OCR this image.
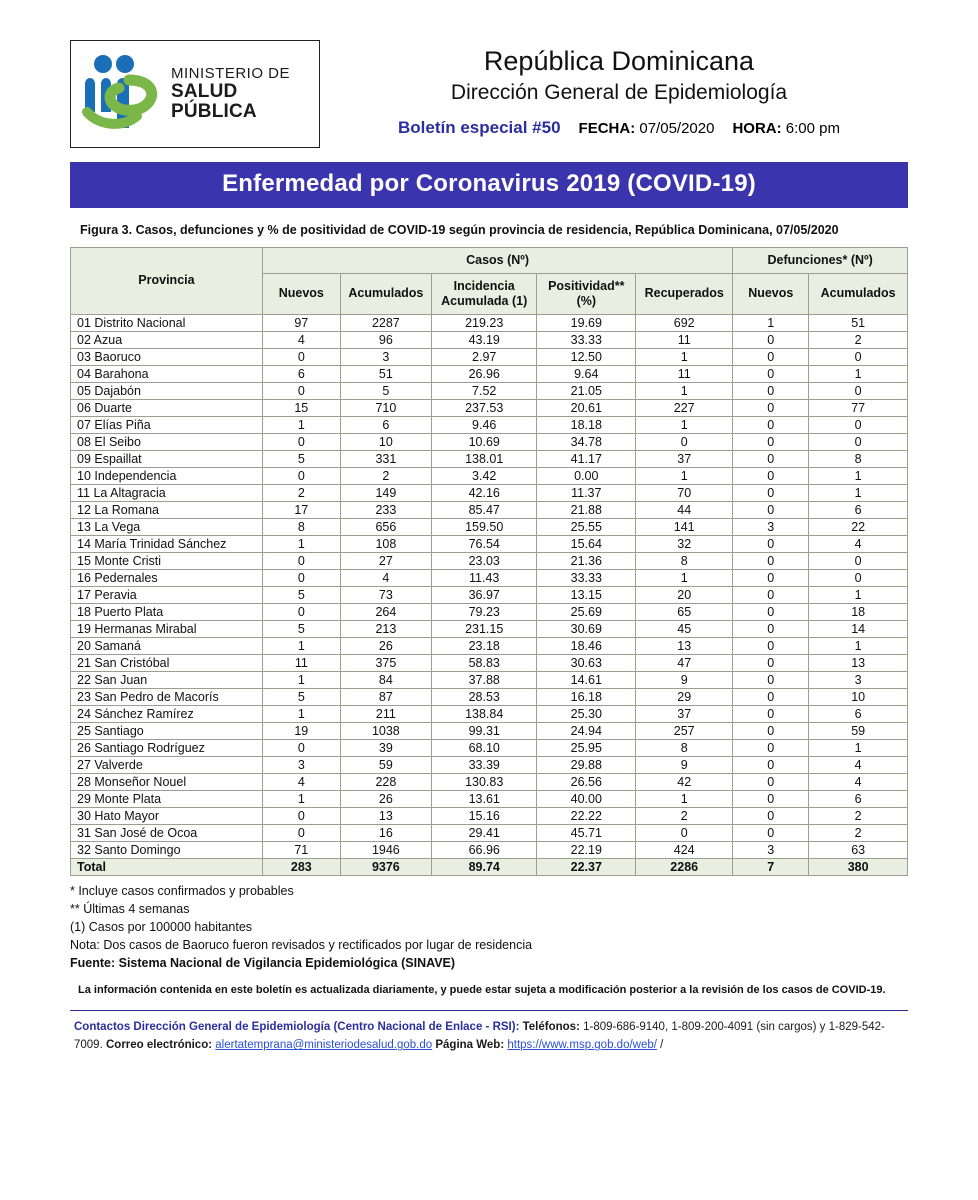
MINISTERIO DE
SALUD PÚBLICA
República Dominicana
Dirección General de Epidemiología
Boletín especial #50 FECHA: 07/05/2020 HORA: 6:00 pm
Enfermedad por Coronavirus 2019 (COVID-19)
Figura 3. Casos, defunciones y % de positividad de COVID-19 según provincia de residencia, República Dominicana, 07/05/2020
Provincia	Casos (Nº)					Defunciones* (Nº)	
	Nuevos	Acumulados	Incidencia Acumulada (1)	Positividad** (%)	Recuperados	Nuevos	Acumulados
01 Distrito Nacional	97	2287	219.23	19.69	692	1	51
02 Azua	4	96	43.19	33.33	11	0	2
03 Baoruco	0	3	2.97	12.50	1	0	0
04 Barahona	6	51	26.96	9.64	11	0	1
05 Dajabón	0	5	7.52	21.05	1	0	0
06 Duarte	15	710	237.53	20.61	227	0	77
07 Elías Piña	1	6	9.46	18.18	1	0	0
08 El Seibo	0	10	10.69	34.78	0	0	0
09 Espaillat	5	331	138.01	41.17	37	0	8
10 Independencia	0	2	3.42	0.00	1	0	1
11 La Altagracia	2	149	42.16	11.37	70	0	1
12 La Romana	17	233	85.47	21.88	44	0	6
13 La Vega	8	656	159.50	25.55	141	3	22
14 María Trinidad Sánchez	1	108	76.54	15.64	32	0	4
15 Monte Cristi	0	27	23.03	21.36	8	0	0
16 Pedernales	0	4	11.43	33.33	1	0	0
17 Peravia	5	73	36.97	13.15	20	0	1
18 Puerto Plata	0	264	79.23	25.69	65	0	18
19 Hermanas Mirabal	5	213	231.15	30.69	45	0	14
20 Samaná	1	26	23.18	18.46	13	0	1
21 San Cristóbal	11	375	58.83	30.63	47	0	13
22 San Juan	1	84	37.88	14.61	9	0	3
23 San Pedro de Macorís	5	87	28.53	16.18	29	0	10
24 Sánchez Ramírez	1	211	138.84	25.30	37	0	6
25 Santiago	19	1038	99.31	24.94	257	0	59
26 Santiago Rodríguez	0	39	68.10	25.95	8	0	1
27 Valverde	3	59	33.39	29.88	9	0	4
28 Monseñor Nouel	4	228	130.83	26.56	42	0	4
29 Monte Plata	1	26	13.61	40.00	1	0	6
30 Hato Mayor	0	13	15.16	22.22	2	0	2
31 San José de Ocoa	0	16	29.41	45.71	0	0	2
32 Santo Domingo	71	1946	66.96	22.19	424	3	63
Total	283	9376	89.74	22.37	2286	7	380
* Incluye casos confirmados y probables
** Últimas 4 semanas
(1) Casos por 100000 habitantes
Nota: Dos casos de Baoruco fueron revisados y rectificados por lugar de residencia
Fuente: Sistema Nacional de Vigilancia Epidemiológica (SINAVE)
La información contenida en este boletín es actualizada diariamente, y puede estar sujeta a modificación posterior a la revisión de los casos de COVID-19.
Contactos Dirección General de Epidemiología (Centro Nacional de Enlace - RSI): Teléfonos: 1-809-686-9140, 1-809-200-4091 (sin cargos) y 1-829-542-7009. Correo electrónico: alertatemprana@ministeriodesalud.gob.do Página Web: https://www.msp.gob.do/web/ /
